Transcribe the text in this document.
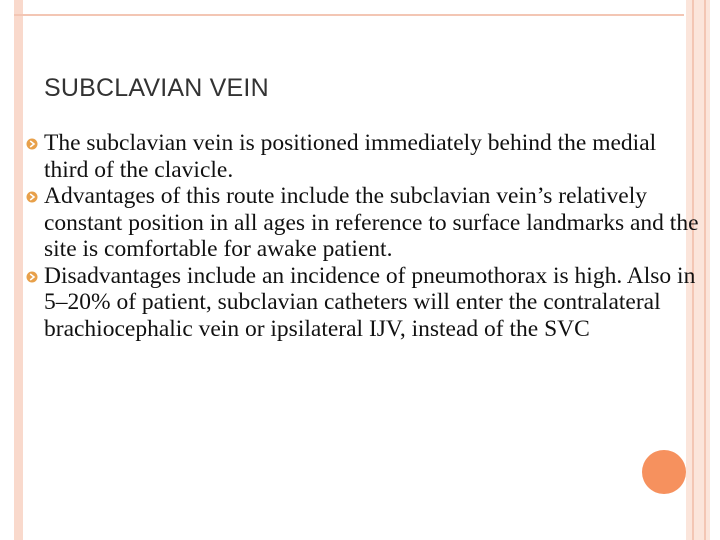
SUBCLAVIAN VEIN
The subclavian vein is positioned immediately behind the medial third of the clavicle.
Advantages of this route include the subclavian vein’s relatively constant position in all ages in reference to surface landmarks and the site is comfortable for awake patient.
Disadvantages include an incidence of pneumothorax is high. Also in 5–20% of patient, subclavian catheters will enter the contralateral brachiocephalic vein or ipsilateral IJV, instead of the SVC
